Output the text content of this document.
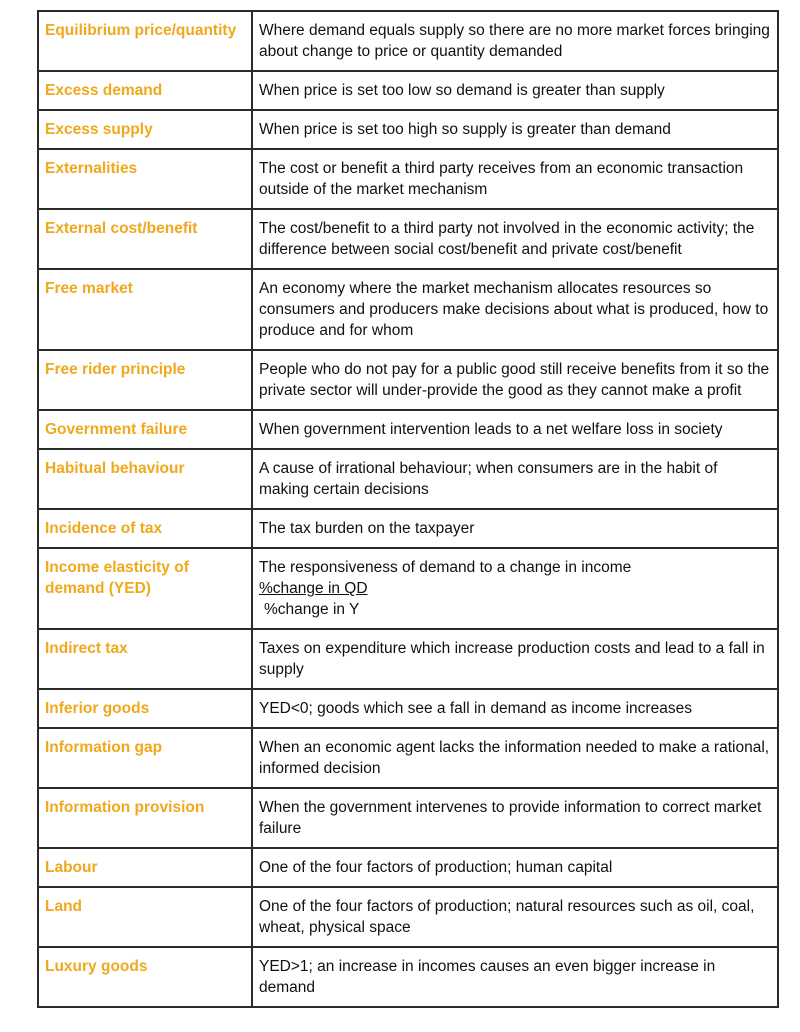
Equilibrium price/quantity	Where demand equals supply so there are no more market forces bringing about change to price or quantity demanded
Excess demand	When price is set too low so demand is greater than supply
Excess supply	When price is set too high so supply is greater than demand
Externalities	The cost or benefit a third party receives from an economic transaction outside of the market mechanism
External cost/benefit	The cost/benefit to a third party not involved in the economic activity; the difference between social cost/benefit and private cost/benefit
Free market	An economy where the market mechanism allocates resources so consumers and producers make decisions about what is produced, how to produce and for whom
Free rider principle	People who do not pay for a public good still receive benefits from it so the private sector will under-provide the good as they cannot make a profit
Government failure	When government intervention leads to a net welfare loss in society
Habitual behaviour	A cause of irrational behaviour; when consumers are in the habit of making certain decisions
Incidence of tax	The tax burden on the taxpayer
Income elasticity of demand (YED)	The responsiveness of demand to a change in income
%change in QD
%change in Y

Indirect tax	Taxes on expenditure which increase production costs and lead to a fall in supply
Inferior goods	YED<0; goods which see a fall in demand as income increases
Information gap	When an economic agent lacks the information needed to make a rational, informed decision
Information provision	When the government intervenes to provide information to correct market failure
Labour	One of the four factors of production; human capital
Land	One of the four factors of production; natural resources such as oil, coal, wheat, physical space
Luxury goods	YED>1; an increase in incomes causes an even bigger increase in demand
